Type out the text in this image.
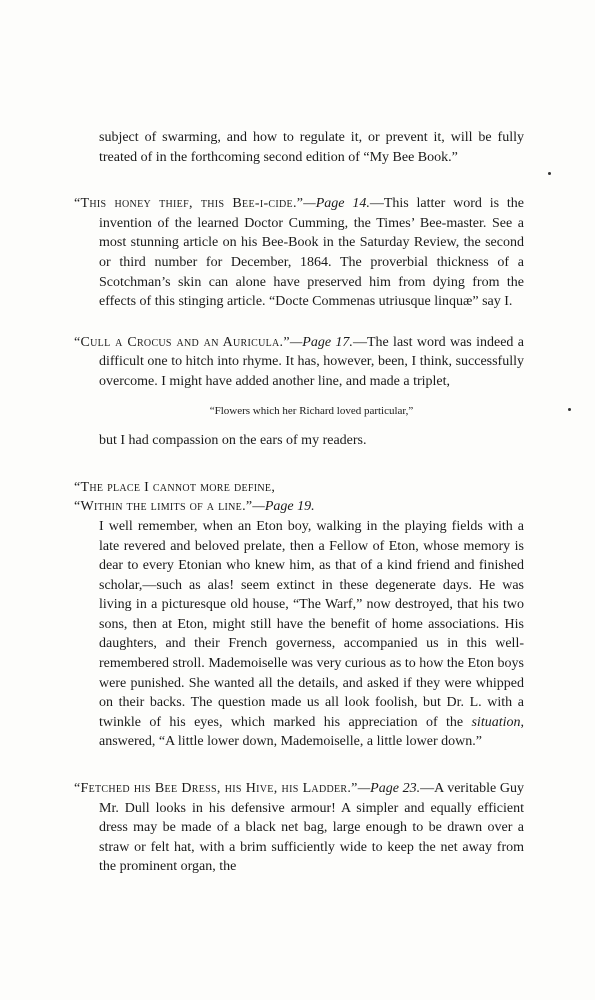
subject of swarming, and how to regulate it, or prevent it, will be fully treated of in the forthcoming second edition of “My Bee Book.”

“This honey thief, this Bee-i-cide.”—Page 14.—This latter word is the invention of the learned Doctor Cumming, the Times’ Bee-master. See a most stunning article on his Bee-Book in the Saturday Review, the second or third number for December, 1864. The proverbial thickness of a Scotchman’s skin can alone have preserved him from dying from the effects of this stinging article. “Docte Commenas utriusque linquæ” say I.

“Cull a Crocus and an Auricula.”—Page 17.—The last word was indeed a difficult one to hitch into rhyme. It has, however, been, I think, successfully overcome. I might have added another line, and made a triplet,

“Flowers which her Richard loved particular,”

but I had compassion on the ears of my readers.

“The place I cannot more define,

“Within the limits of a line.”—Page 19.

I well remember, when an Eton boy, walking in the playing fields with a late revered and beloved prelate, then a Fellow of Eton, whose memory is dear to every Etonian who knew him, as that of a kind friend and finished scholar,—such as alas! seem extinct in these degenerate days. He was living in a picturesque old house, “The Warf,” now destroyed, that his two sons, then at Eton, might still have the benefit of home associations. His daughters, and their French governess, accompanied us in this well-remembered stroll. Mademoiselle was very curious as to how the Eton boys were punished. She wanted all the details, and asked if they were whipped on their backs. The question made us all look foolish, but Dr. L. with a twinkle of his eyes, which marked his appreciation of the situation, answered, “A little lower down, Mademoiselle, a little lower down.”

“Fetched his Bee Dress, his Hive, his Ladder.”—Page 23.—A veritable Guy Mr. Dull looks in his defensive armour! A simpler and equally efficient dress may be made of a black net bag, large enough to be drawn over a straw or felt hat, with a brim sufficiently wide to keep the net away from the prominent organ, the
